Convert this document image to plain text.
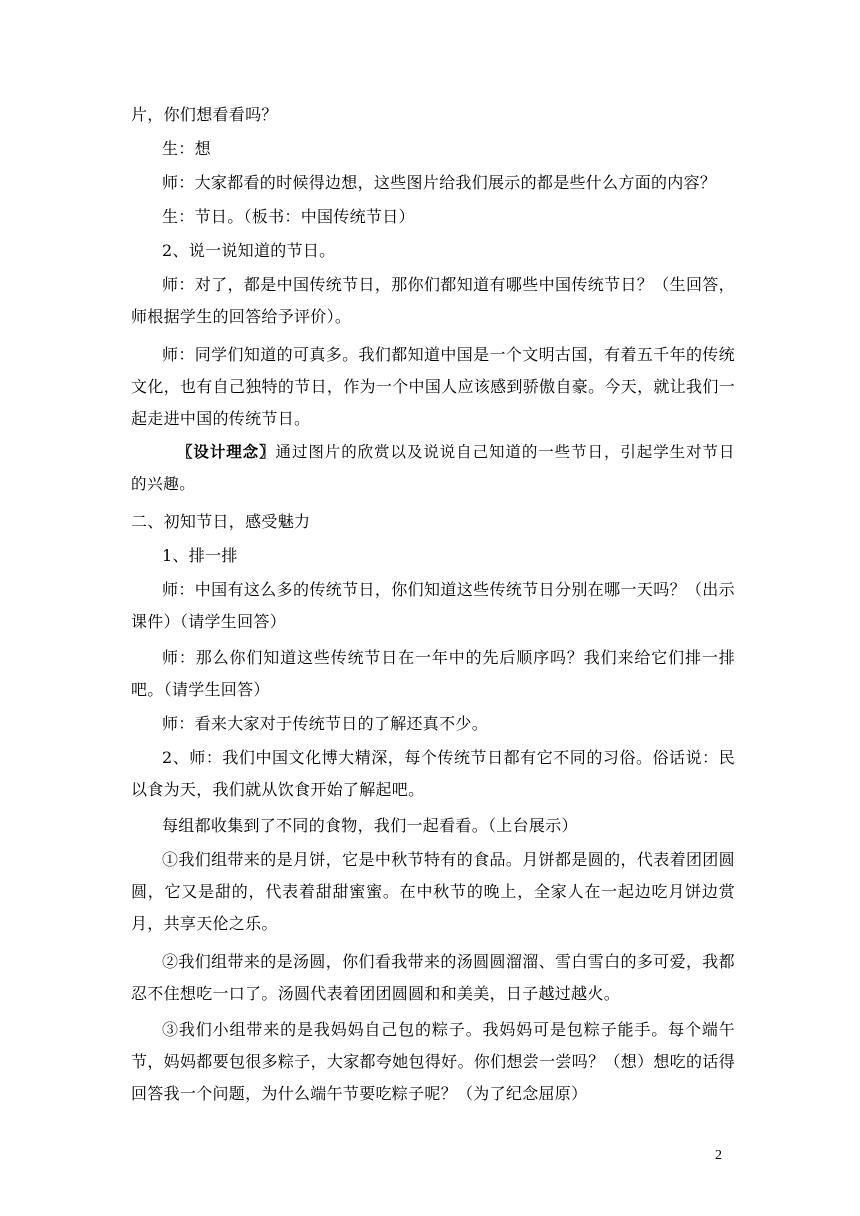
片，你们想看看吗？

生：想

师：大家都看的时候得边想，这些图片给我们展示的都是些什么方面的内容？

生：节日。（板书：中国传统节日）

2、说一说知道的节日。

师：对了，都是中国传统节日，那你们都知道有哪些中国传统节日？（生回答，师根据学生的回答给予评价）。

师：同学们知道的可真多。我们都知道中国是一个文明古国，有着五千年的传统文化，也有自己独特的节日，作为一个中国人应该感到骄傲自豪。今天，就让我们一起走进中国的传统节日。

〖设计理念〗通过图片的欣赏以及说说自己知道的一些节日，引起学生对节日的兴趣。

二、初知节日，感受魅力

1、排一排

师：中国有这么多的传统节日，你们知道这些传统节日分别在哪一天吗？（出示课件）（请学生回答）

师：那么你们知道这些传统节日在一年中的先后顺序吗？我们来给它们排一排吧。（请学生回答）

师：看来大家对于传统节日的了解还真不少。

2、师：我们中国文化博大精深，每个传统节日都有它不同的习俗。俗话说：民以食为天，我们就从饮食开始了解起吧。

每组都收集到了不同的食物，我们一起看看。（上台展示）

①我们组带来的是月饼，它是中秋节特有的食品。月饼都是圆的，代表着团团圆圆，它又是甜的，代表着甜甜蜜蜜。在中秋节的晚上，全家人在一起边吃月饼边赏月，共享天伦之乐。

②我们组带来的是汤圆，你们看我带来的汤圆圆溜溜、雪白雪白的多可爱，我都忍不住想吃一口了。汤圆代表着团团圆圆和和美美，日子越过越火。

③我们小组带来的是我妈妈自己包的粽子。我妈妈可是包粽子能手。每个端午节，妈妈都要包很多粽子，大家都夸她包得好。你们想尝一尝吗？（想）想吃的话得回答我一个问题，为什么端午节要吃粽子呢？（为了纪念屈原）

2
